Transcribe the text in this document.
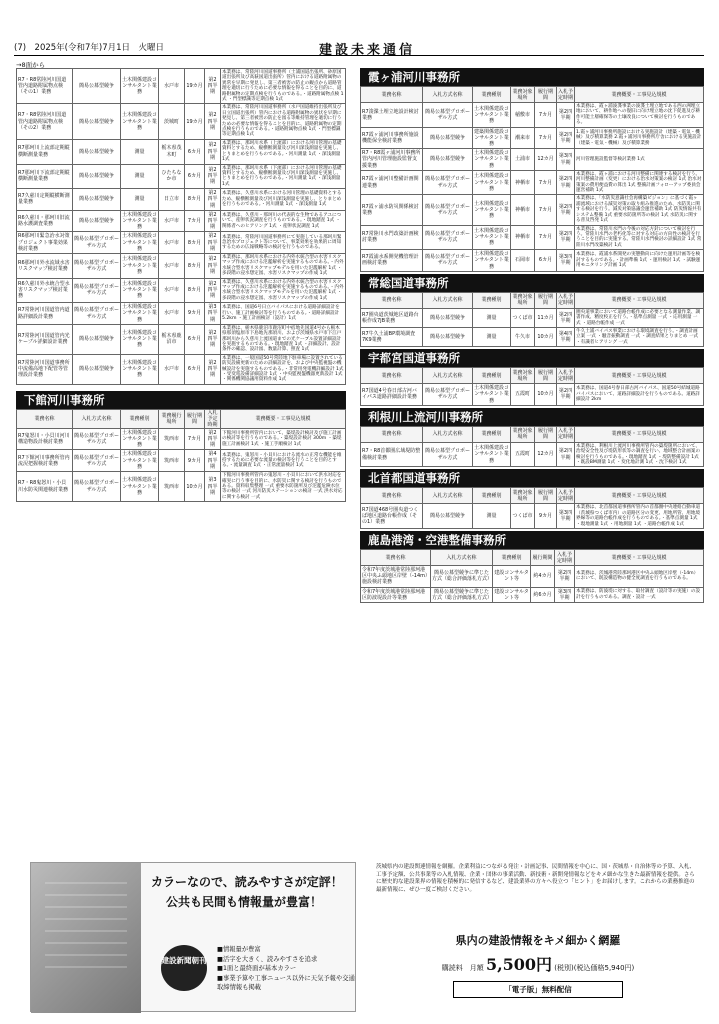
(7)　2025年(令和7年)7月1日　火曜日	建設未来通信
→8面から
R7・R8常陸河川国道管内道路附属物点検（その1）業務	簡易公募型競争	土木関係建設コンサルタント業務	水戸市	19カ月	第2四半期	本業務は、常陸河川国道事務所（土浦国道出張所、砂原国道出張所及び高萩国道出張所）管内における道路附属物の異常を早期に発見し、第三者被害の防止の観点から道路管理を適切に行うために必要な情報を得ることを目的に、道路附属物の定期点検を行うものである。・道路附属物点検 1式 ・門型標識等定期点検 1式
R7・R8常陸河川国道管内道路附属物点検（その2）業務	簡易公募型競争	土木関係建設コンサルタント業務	茨城町	19カ月	第2四半期	本業務は、常陸河川国道事務所（水戸国道維持出張所及び日立国道出張所）管内における道路附属物の異状を早期に発見し、第三者被害の防止を図る等維持管理を適切に行うための必要な情報を得ることを目的に、道路附属物の定期点検を行うものである。・道路附属物点検 1式 ・門型標識等定期点検 1式
R7那珂川上流部定期縦横断測量業務	簡易公募型競争	測量	栃木県茂木町	6カ月	第2四半期	本業務は、那珂川水系（上流部）における河川管理の基礎資料とするため、縦横断測量及び河川深浅測量を実施し、とりまとめを行うものである。・河川測量 1式 ・深浅測量 1式
R7那珂川下流部定期縦横断測量業務	簡易公募型競争	測量	ひたちなか市	6カ月	第2四半期	本業務は、那珂川水系（下流部）における河川管理の基礎資料とするため、縦横断測量及び河川深浅測量を実施し、とりまとめを行うものである。・河川測量 1式 ・深浅測量 1式
R7久慈川定期縦横断測量業務	簡易公募型競争	測量	日立市	8カ月	第2四半期	本業務は、久慈川水系における河川管理の基礎資料とするため、縦横断測量及び河川深浅測量を実施し、とりまとめを行うものである。・河川測量 1式 ・深浅測量 1式
R6久慈川・那珂川旧流路水護調査業務	簡易公募型競争	土木関係建設コンサルタント業務	水戸市	7カ月	第2四半期	本業務は、久慈川・那珂川の代表的な生物であるアユについて、産卵状況調査を行うものである。・現地踏査 1式 ・関係者へのヒアリング 1式 ・産卵状況調査 1式
R6那珂川緊急治水対策プロジェクト事業効果検討業務	簡易公募型プロポーザル方式	土木関係建設コンサルタント業務	水戸市	8カ月	第2四半期	本業務は、常陸河川国道事務所にて実施している那珂川緊急治水プロジェクト等について、事業効果を効果的に周知するための広報戦略等の検討を行うものである。
R6那珂川外水流域水害リスクマップ検討業務	簡易公募型プロポーザル方式	土木関係建設コンサルタント業務	水戸市	8カ月	第2四半期	本業務は、那珂川水系における内外水統合型の水害リスクマップ作成における氾濫解析を実施するものである。・内外水統合型水害リスクマップモデルを用いた氾濫解析 1式 ・多段階の浸水想定図、水害リスクマップの作成 1式
R6久慈川外水統合型水害リスクマップ検討業務	簡易公募型プロポーザル方式	土木関係建設コンサルタント業務	水戸市	8カ月	第2四半期	本業務は、久慈川水系における内外水統合型の水害リスクマップ作成における氾濫解析を実施するものである。・内外水統合型水害リスクマップモデルを用いた氾濫解析 1式 ・多段階の浸水想定図、水害リスクマップの作成 1式
R7常陸河川国道管内道路詳細設計業務	簡易公募型プロポーザル方式	土木関係建設コンサルタント業務	水戸市	9カ月	第3四半期	本業務は、国道6号日立バイパスにおける道路詳細設計を行い、施工計画検討等を行うものである。・道路詳細設計 5.2km ・施工計画検討（設計）1式
R7常陸河川国道管内光ケーブル詳細設計業務	簡易公募型競争	土木関係建設コンサルタント業務	栃木県鹿沼市	6カ月	第2四半期	本業務は、栃木県鹿沼市鹿沼町中宿地先国道4号から栃木県那須塩原市下島地先那須川、および茨城県水戸市下江戸　那珂川から久慈川上流国道までの光ケーブル設置詳細設計を実施するものである。・現地踏査 1式 ・詳細設計、設計条件の確認、設計図、数量計算、照査 1式
R7常陸河川国道事務所中流備高地下配管等管理設計業務	簡易公募型競争	土木関係建設コンサルタント業務	水戸市	6カ月	第2四半期	本業務は、一般国道50号常陸地下駐車場に設置されている防災設備更新のための詳細設計を、および中央監視盤の機械設計を実施するものである。・非常用発電機詳細設計 1式 ・受変電設備詳細設計 1式 ・中央監視盤機器更新設計 1式 ・関係機関協議用資料作成 1式
下館河川事務所
業務名称	入札方式名称	業務種別	業務履行場所	履行期間	入札予定時期	業務概要・工事見込規模
R7鬼怒川・小貝川河川構造物設計検討業務	簡易公募型プロポーザル方式	土木関係建設コンサルタント業務	筑西市	7カ月	第2四半期	下館河川事務所管内において、築堤設計検討及び施工計画の検討等を行うものである。・築堤設計検討 300m ・築堤施工計画検討 1式 ・施工手順検討 1式
R7下館河川事務所管内流況把握検討業務	簡易公募型プロポーザル方式	土木関係建設コンサルタント業務	筑西市	9カ月	第4四半期	本業務は、鬼怒川・小貝川における流水の正常な機能を維持するために必要な流量の検討等を行うことを目的とする。・流量調査 1式 ・正常流量検討 1式
R7・R8鬼怒川・小貝川水防災関連検討業務	簡易公募型プロポーザル方式	土木関係建設コンサルタント業務	筑西市	10カ月	第3四半期	下館河川事務所管内の鬼怒川・小貝川において洪水対応を確実に行う事を目的に、水防災に関する検討を行うものである。資料収集整理 一式 重要水防箇所及び氾濫危険水位等の検討 一式 河川防災ステーションの検討 一式 洪水対応に関する検討 一式
霞ヶ浦河川事務所
業務名称	入札方式名称	業務種別	業務対象場所	履行期間	入札予定時期	業務概要・工事見込規模
R7浚渫土埋立地設計検討業務	簡易公募型プロポーザル方式	土木関係建設コンサルタント業務	稲敷市	7カ月	第2四半期	本業務は、霞ヶ浦浚渫事業の浚渫土埋立地である西の洲埋立地において、耕作地への復旧に向け埋立地の沈下促進及び耕作可能土層確保等の土壌改良について検討を行うものである。
R7霞ヶ浦河川事務所施設機能保全検討業務	簡易公募型競争	建築関係建設コンサルタント業務	潮来市	7カ月	第2四半期	1.霞ヶ浦河川事務所施設における実施設計（建築・電気・機械）及び積算業務 2.霞ヶ浦河川事務所庁舎における実施設計（建築・電気・機械）及び積算業務
R7・R8霞ヶ浦河川事務所管内河川管理施設監督支援業務	簡易公募型競争	土木関係建設コンサルタント業務	土浦市	12カ月	第3四半期	河川管理施設監督等検討業務 1式
R7霞ヶ浦河川整備計画関連業務	簡易公募型プロポーザル方式	土木関係建設コンサルタント業務	神栖市	7カ月	第2四半期	本業務は、霞ヶ浦における河川整備に関連する検討を行う。河川整備計画（変更）における治水対策案の検討 1式 治水対策案の費用便益費の算出 1式 整備計画フォローアップ委員会運営補助 1式
R7霞ヶ浦水防災関係検討業務	簡易公募型プロポーザル方式	土木関係建設コンサルタント業務	神栖市	7カ月	第2四半期	本業務は、「水防災意識社会再構築ビジョン」に基づく霞ヶ浦流域における減災対策の取り組み推進のため、水防災に関する検討を行う。減災対策協議会運営補助 1式 防災情報共有システム整備 1式 重要水防箇所等の検討 1式 水防災に関する普及啓発 1式
R7常陸川水門改築計画検討業務	簡易公募型プロポーザル方式	土木関係建設コンサルタント業務	神栖市	7カ月	第2四半期	本業務は、常陸川水門の今後の対応方針について検討を行う。常陸川水門の老朽化等に対する対応の方向性の検討を行うことを目的に実施する。常陸川水門検討の詳細設計 1式 常陸川水門改築検討 1式
R7霞浦水系開発機管理計画検討業務	簡易公募型プロポーザル方式	土木関係建設コンサルタント業務	石岡市	6カ月	第3四半期	本業務は、霞浦水系開発の実態動向に向けた運用計画等を検討するものである。・計画準備 1式 ・運用検討 1式 ・試験運用モニタリング計画 1式
常総国道事務所
業務名称	入札方式名称	業務種別	業務対象場所	履行期間	入札予定時期	業務概要・工事見込規模
R7圏央道茨城地区道路台帳作成7JB業務	簡易公募型競争	測量	つくば市	11カ月	第2四半期	圏央道事業において道路台帳作成に必要となる測量作業、調書作成、精度校正を行う。・基準点測量 一式 ・応用測量 一式 ・道路台帳作成 一式
R7牛久土浦BP環境調査7K9業務	簡易公募型競争	測量	牛久市	10カ月	第4四半期	牛久土浦バイパス事業における環境調査を行う。・調査計画立案 一式 ・騒音振動調査 一式 ・調査結果とりまとめ 一式 ・有識者ヒアリング 一式
宇都宮国道事務所
業務名称	入札方式名称	業務種別	業務対象場所	履行期間	入札予定時期	業務概要・工事見込規模
R7国道4号春日部古河バイパス道路詳細設計業務	簡易公募型プロポーザル方式	土木関係建設コンサルタント業務	五霞町	10カ月	第2四半期	本業務は、国道4号春日部古河バイパス、国道50号結城道路バイパスにおいて、道路詳細設計を行うものである。道路詳細設計 2km
利根川上流河川事務所
業務名称	入札方式名称	業務種別	業務対象場所	履行期間	入札予定時期	業務概要・工事見込規模
R7・R8首都圏広域堤防整備検討業務	簡易公募型プロポーザル方式	土木関係建設コンサルタント業務	五霞町	12カ月	第2四半期	本業務は、利根川上流河川事務所管内の築堤箇所において、治堤安全性及び堤防形状等の調査を行い、地域整合計画案の検討を行うものである。・現地踏査 1式 ・堤防整備設計 1式 ・既設BM測量 1式 ・変化地計測 1式 ・沈下検討 1式
北首都国道事務所
業務名称	入札方式名称	業務種別	業務対象場所	履行期間	入札予定時期	業務概要・工事見込規模
R7国道468号圏央道つくば地区道路台帳作成（その1）業務	簡易公募型競争	測量	つくば市	9カ月	第3四半期	本業務は、北首都国道事務所管内の首都圏中央連絡自動車道（茨城県つくば市内）の道路区分の変更、用地所管、用地境界線等の道路台帳作成を行うものである。・基準点測量 1式 ・現地測量 1式 ・用地測量 1式 ・道路台帳作成 1式
鹿島港湾・空港整備事務所
業務名称	入札方式名称	業務種別	履行期間	入札予定時期	業務概要・工事見込規模
令和7年度茨城港常陸那珂港区中央ふ頭地区岸壁（-14m）施設検討業務	簡易公募型競争に準じた方式（総合評価落札方式）	建設コンサルタント等	約4カ月	第2四半期	本業務は、茨城港常陸那珂港区中央ふ頭地区岸壁（-14m）において、既設構造物の健全度調査を行うものである。
令和7年度茨城港常陸那珂港区防波堤設計等業務	簡易公募型競争に準じた方式（総合評価落札方式）	建設コンサルタント等	約6カ月	第3四半期	本業務は、防波堤に対する、取付調査（設計等の実施）の設計を行うものである。調査・設計 一式
カラーなので、読みやすさが定評！
公共も民間も情報量が豊富！
建設新聞朝刊
■情報量が豊富
■活字を大きく、読みやすさを追求
■1面と最終面が基本カラー
■事業予算や工事ニュース以外に天気予報や交通取締情報も掲載
茨城県内の建設関連情報を網羅。企業利益につながる発注・計画記事、民間情報を中心に、国・茨城県・自治体等の予算、入札、工事予定額、公共事業等の入札情報、企業・団体の事業活動、新技術・新開発情報などをキメ細かな生きた最新情報を提供。さらに歴史的な建設業界の情報を積極的に発信するなど、建設業界の方々へ役立つ「ヒント」をお届けします。これからの業務推進の最新情報に、ぜひ一度ご検討ください。
県内の建設情報をキメ細かく網羅
購読料　月額 5,500円 (税別)(税込価格5,940円)
「電子版」無料配信
